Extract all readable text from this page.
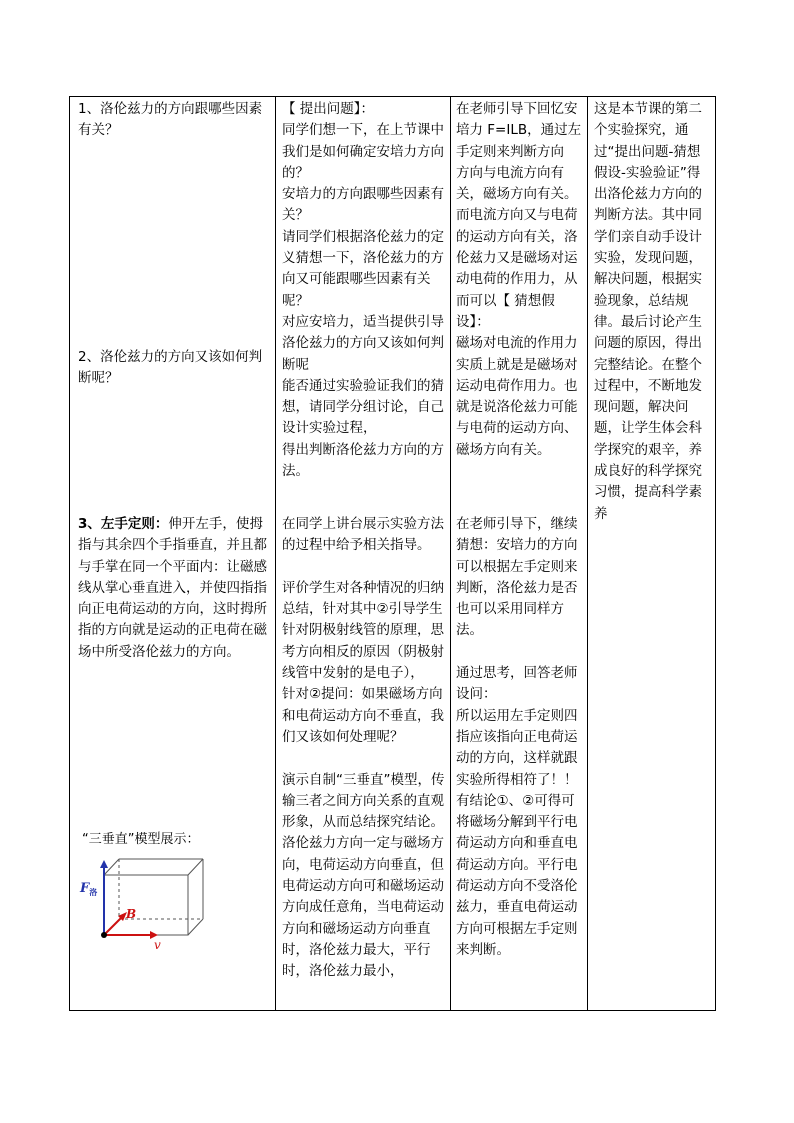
1、洛伦兹力的方向跟哪些因素有关？
2、洛伦兹力的方向又该如何判断呢？
3、左手定则：伸开左手，使拇指与其余四个手指垂直，并且都与手掌在同一个平面内：让磁感线从掌心垂直进入，并使四指指向正电荷运动的方向，这时拇所指的方向就是运动的正电荷在磁场中所受洛伦兹力的方向。
“三垂直”模型展示：
$F_洛$
B
v
【 提出问题】：
同学们想一下，在上节课中我们是如何确定安培力方向的？
安培力的方向跟哪些因素有关？
请同学们根据洛伦兹力的定义猜想一下，洛伦兹力的方向又可能跟哪些因素有关呢？
对应安培力，适当提供引导
洛伦兹力的方向又该如何判断呢
能否通过实验验证我们的猜想，请同学分组讨论，自己设计实验过程，
得出判断洛伦兹力方向的方法。
在同学上讲台展示实验方法的过程中给予相关指导。

评价学生对各种情况的归纳总结，针对其中②引导学生针对阴极射线管的原理，思考方向相反的原因（阴极射线管中发射的是电子），
针对②提问：如果磁场方向和电荷运动方向不垂直，我们又该如何处理呢？

演示自制“三垂直”模型，传输三者之间方向关系的直观形象，从而总结探究结论。
洛伦兹力方向一定与磁场方向，电荷运动方向垂直，但电荷运动方向可和磁场运动方向成任意角，当电荷运动方向和磁场运动方向垂直时，洛伦兹力最大，平行时，洛伦兹力最小，
在老师引导下回忆安培力 F=ILB，通过左手定则来判断方向
方向与电流方向有关，磁场方向有关。而电流方向又与电荷的运动方向有关，洛伦兹力又是磁场对运动电荷的作用力，从而可以【 猜想假设】：
磁场对电流的作用力实质上就是是磁场对运动电荷作用力。也就是说洛伦兹力可能与电荷的运动方向、磁场方向有关。
在老师引导下，继续猜想：安培力的方向可以根据左手定则来判断，洛伦兹力是否也可以采用同样方法。

通过思考，回答老师设问：
所以运用左手定则四指应该指向正电荷运动的方向，这样就跟实验所得相符了！！
有结论①、②可得可将磁场分解到平行电荷运动方向和垂直电荷运动方向。平行电荷运动方向不受洛伦兹力，垂直电荷运动方向可根据左手定则来判断。
这是本节课的第二个实验探究，通过“提出问题-猜想假设-实验验证”得出洛伦兹力方向的判断方法。其中同学们亲自动手设计实验，发现问题，解决问题，根据实验现象，总结规律。最后讨论产生问题的原因，得出完整结论。在整个过程中，不断地发现问题，解决问题，让学生体会科学探究的艰辛，养成良好的科学探究习惯，提高科学素养
